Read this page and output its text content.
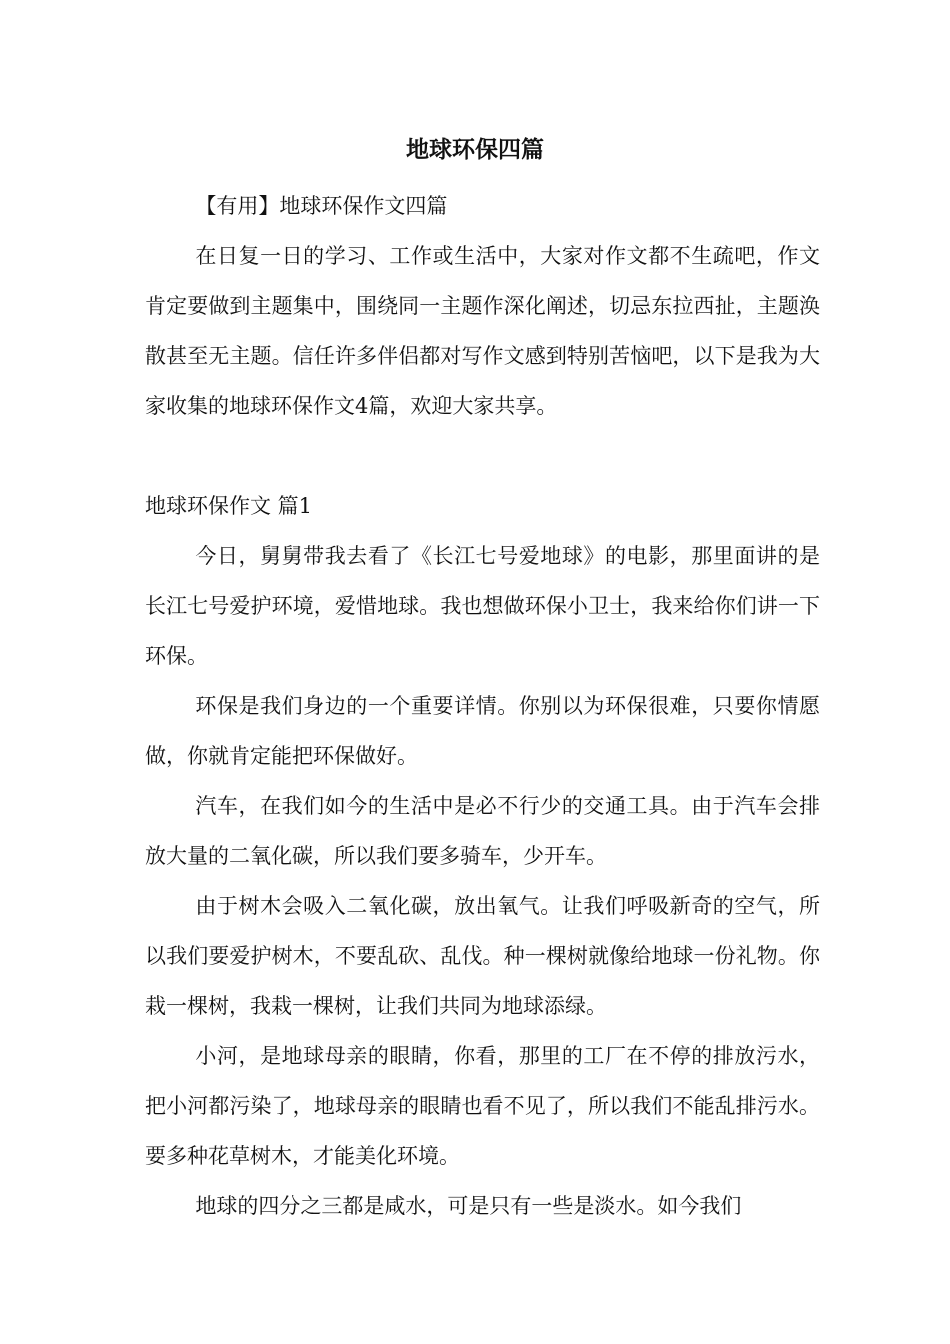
地球环保四篇

【有用】地球环保作文四篇

在日复一日的学习、工作或生活中，大家对作文都不生疏吧，作文肯定要做到主题集中，围绕同一主题作深化阐述，切忌东拉西扯，主题涣散甚至无主题。信任许多伴侣都对写作文感到特别苦恼吧，以下是我为大家收集的地球环保作文4篇，欢迎大家共享。

地球环保作文 篇1

今日，舅舅带我去看了《长江七号爱地球》的电影，那里面讲的是长江七号爱护环境，爱惜地球。我也想做环保小卫士，我来给你们讲一下环保。

环保是我们身边的一个重要详情。你别以为环保很难，只要你情愿做，你就肯定能把环保做好。

汽车，在我们如今的生活中是必不行少的交通工具。由于汽车会排放大量的二氧化碳，所以我们要多骑车，少开车。

由于树木会吸入二氧化碳，放出氧气。让我们呼吸新奇的空气，所以我们要爱护树木，不要乱砍、乱伐。种一棵树就像给地球一份礼物。你栽一棵树，我栽一棵树，让我们共同为地球添绿。

小河，是地球母亲的眼睛，你看，那里的工厂在不停的排放污水，把小河都污染了，地球母亲的眼睛也看不见了，所以我们不能乱排污水。要多种花草树木，才能美化环境。

地球的四分之三都是咸水，可是只有一些是淡水。如今我们
